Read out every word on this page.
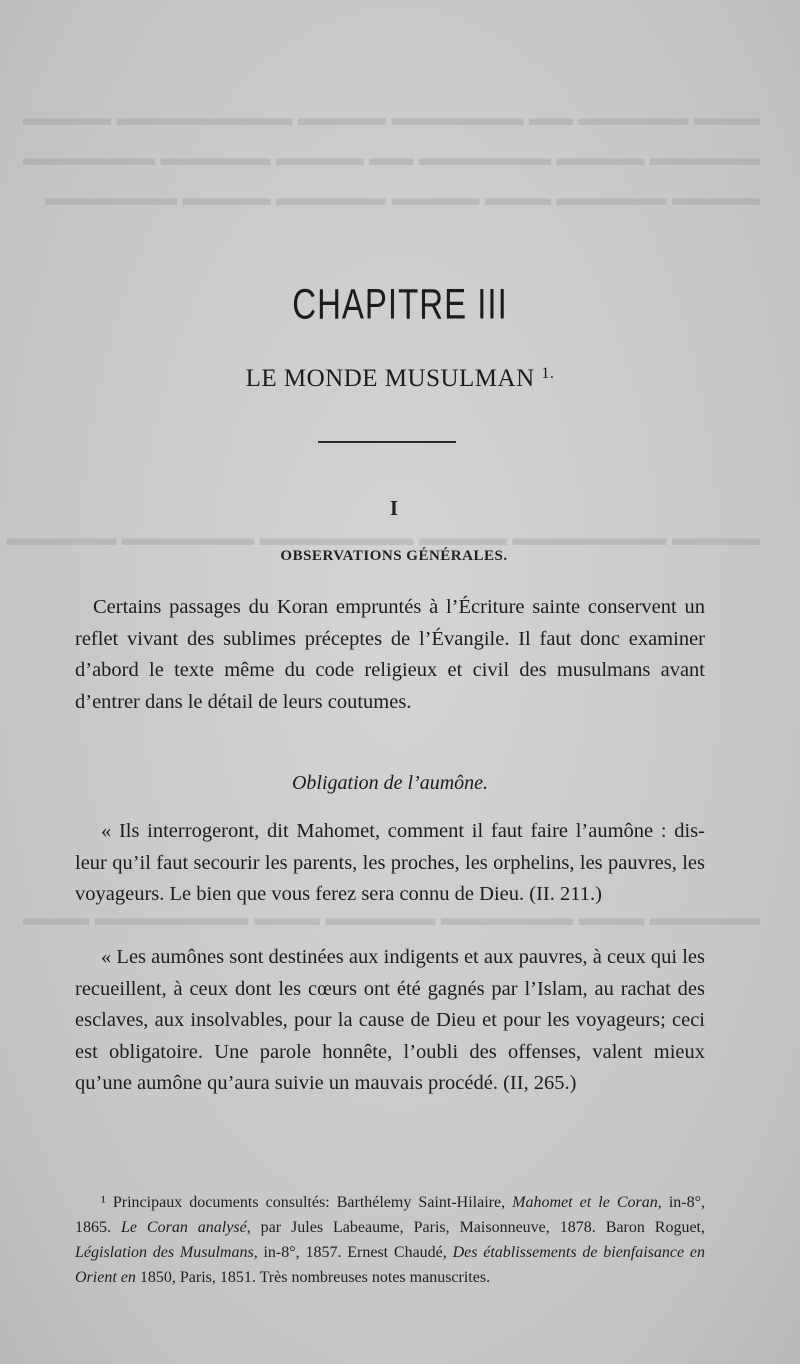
▬▬▬ ▬▬▬▬▬ ▬▬ ▬▬▬▬▬▬ ▬▬▬▬ ▬▬▬▬▬▬▬▬ ▬▬▬▬
▬▬▬▬▬ ▬▬▬▬ ▬▬▬▬▬▬ ▬▬ ▬▬▬▬ ▬▬▬▬▬ ▬▬▬▬▬▬
▬▬▬▬ ▬▬▬▬▬ ▬▬▬ ▬▬▬▬ ▬▬▬▬▬ ▬▬▬▬ ▬▬▬▬▬▬
▬▬▬▬ ▬▬▬▬▬▬▬ ▬▬▬▬ ▬▬▬▬▬▬▬ ▬▬▬▬▬▬ ▬▬▬▬▬
▬▬▬▬▬ ▬▬▬ ▬▬▬▬▬▬ ▬▬▬▬▬ ▬▬▬ ▬▬▬▬▬▬▬ ▬▬▬
CHAPITRE III
LE MONDE MUSULMAN $^{1.}$
I
OBSERVATIONS GÉNÉRALES.
Certains passages du Koran empruntés à l’Écriture sainte conservent un reflet vivant des sublimes préceptes de l’Évangile. Il faut donc examiner d’abord le texte même du code religieux et civil des musulmans avant d’entrer dans le détail de leurs coutumes.
Obligation de l’aumône.
« Ils interrogeront, dit Mahomet, comment il faut faire l’aumône : dis-leur qu’il faut secourir les parents, les proches, les orphelins, les pauvres, les voyageurs. Le bien que vous ferez sera connu de Dieu. (II. 211.)
« Les aumônes sont destinées aux indigents et aux pauvres, à ceux qui les recueillent, à ceux dont les cœurs ont été gagnés par l’Islam, au rachat des esclaves, aux insolvables, pour la cause de Dieu et pour les voyageurs; ceci est obligatoire. Une parole honnête, l’oubli des offenses, valent mieux qu’une aumône qu’aura suivie un mauvais procédé. (II, 265.)
¹ Principaux documents consultés: Barthélemy Saint-Hilaire, Mahomet et le Coran, in-8°, 1865. Le Coran analysé, par Jules Labeaume, Paris, Maisonneuve, 1878. Baron Roguet, Législation des Musulmans, in-8°, 1857. Ernest Chaudé, Des établissements de bienfaisance en Orient en 1850, Paris, 1851. Très nombreuses notes manuscrites.
